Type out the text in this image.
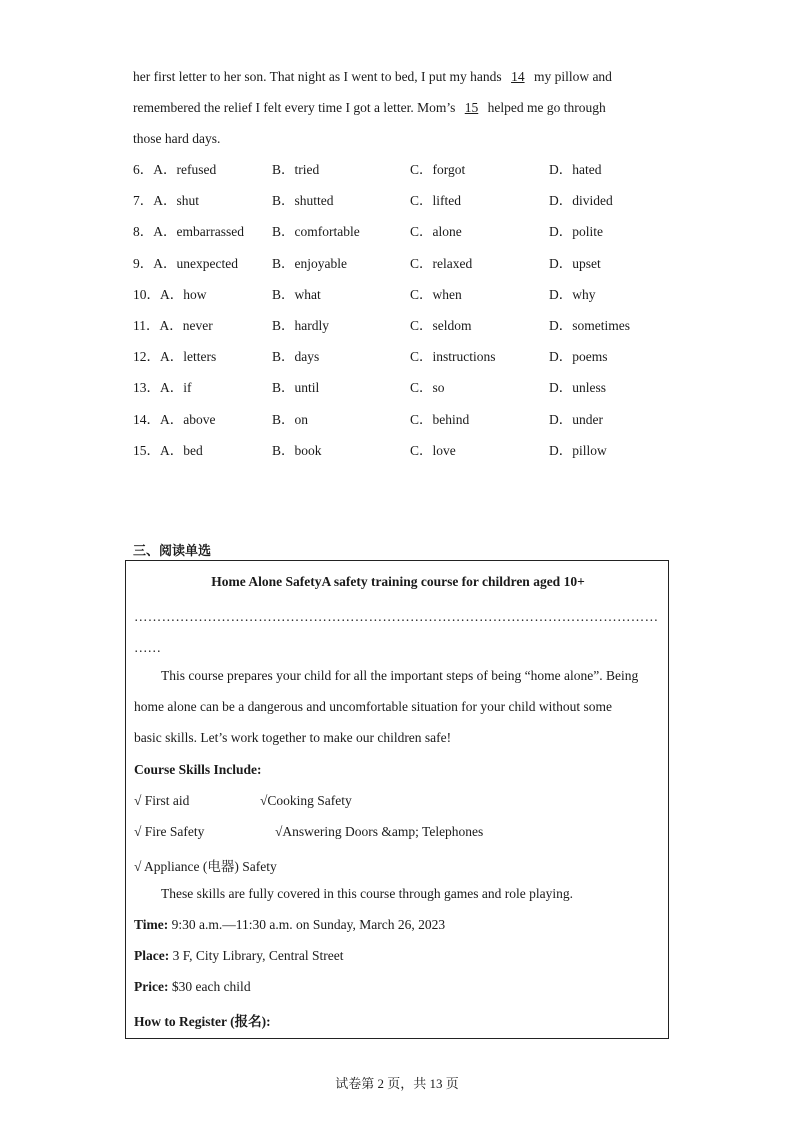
her first letter to her son. That night as I went to bed, I put my hands 14 my pillow and
remembered the relief I felt every time I got a letter. Mom’s 15 helped me go through
those hard days.
6．A．refused	B．tried	C．forgot	D．hated
7．A．shut	B．shutted	C．lifted	D．divided
8．A．embarrassed B．comfortable	C．alone	D．polite
9．A．unexpected	B．enjoyable	C．relaxed	D．upset
10．A．how	B．what	C．when	D．why
11．A．never	B．hardly	C．seldom	D．sometimes
12．A．letters	B．days	C．instructions	D．poems
13．A．if	B．until	C．so	D．unless
14．A．above	B．on	C．behind	D．under
15．A．bed	B．book	C．love	D．pillow
三、阅读单选
Home Alone SafetyA safety training course for children aged 10+
……………………………………………………………………………………………………
……
This course prepares your child for all the important steps of being “home alone”. Being
home alone can be a dangerous and uncomfortable situation for your child without some
basic skills. Let’s work together to make our children safe!
Course Skills Include:
√ First aid	√Cooking Safety
√ Fire Safety	√Answering Doors &amp; Telephones
√ Appliance (电器) Safety
These skills are fully covered in this course through games and role playing.
Time: 9:30 a.m.—11:30 a.m. on Sunday, March 26, 2023
Place: 3 F, City Library, Central Street
Price: $30 each child
How to Register (报名):
试卷第 2 页，共 13 页
